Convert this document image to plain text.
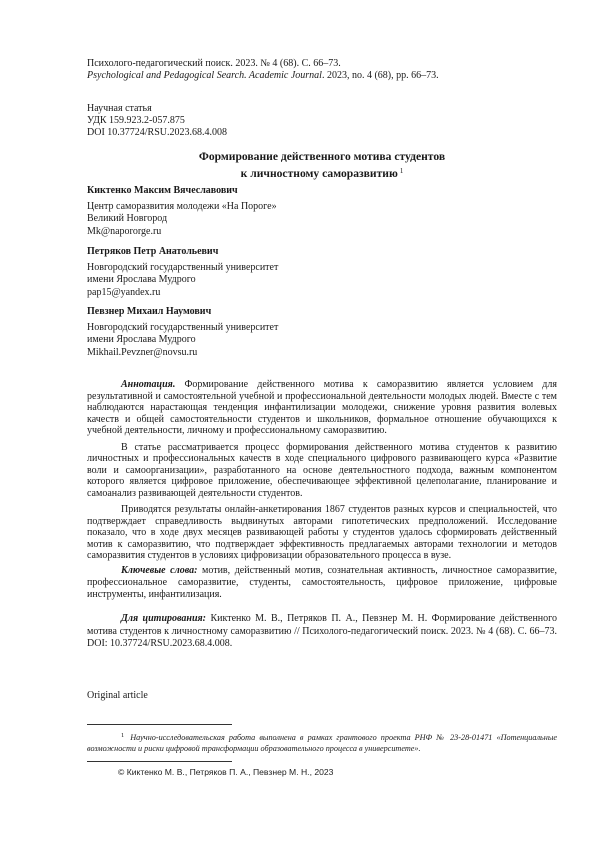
Психолого-педагогический поиск. 2023. № 4 (68). С. 66–73.
Psychological and Pedagogical Search. Academic Journal. 2023, no. 4 (68), pp. 66–73.
Научная статья
УДК 159.923.2-057.875
DOI 10.37724/RSU.2023.68.4.008
Формирование действенного мотива студентов
к личностному саморазвитию $^1$
Киктенко Максим Вячеславович
Центр саморазвития молодежи «На Пороге»
Великий Новгород
Mk@napororge.ru
Петряков Петр Анатольевич
Новгородский государственный университет
имени Ярослава Мудрого
pap15@yandex.ru
Певзнер Михаил Наумович
Новгородский государственный университет
имени Ярослава Мудрого
Mikhail.Pevzner@novsu.ru

Аннотация. Формирование действенного мотива к саморазвитию является условием для результативной и самостоятельной учебной и профессиональной деятельности молодых людей. Вместе с тем наблюдаются нарастающая тенденция инфантилизации молодежи, снижение уровня развития волевых качеств и общей самостоятельности студентов и школьников, формальное отношение обучающихся к учебной деятельности, личному и профессиональному саморазвитию.

В статье рассматривается процесс формирования действенного мотива студентов к развитию личностных и профессиональных качеств в ходе специального цифрового развивающего курса «Развитие воли и самоорганизации», разработанного на основе деятельностного подхода, важным компонентом которого является цифровое приложение, обеспечивающее эффективной целеполагание, планирование и самоанализ развивающей деятельности студентов.

Приводятся результаты онлайн-анкетирования 1867 студентов разных курсов и специальностей, что подтверждает справедливость выдвинутых авторами гипотетических предположений. Исследование показало, что в ходе двух месяцев развивающей работы у студентов удалось сформировать действенный мотив к саморазвитию, что подтверждает эффективность предлагаемых авторами технологии и методов саморазвития студентов в условиях цифровизации образовательного процесса в вузе.

Ключевые слова: мотив, действенный мотив, сознательная активность, личностное саморазвитие, профессиональное саморазвитие, студенты, самостоятельность, цифровое приложение, цифровые инструменты, инфантилизация.
Для цитирования: Киктенко М. В., Петряков П. А., Певзнер М. Н. Формирование действенного мотива студентов к личностному саморазвитию // Психолого-педагогический поиск. 2023. № 4 (68). С. 66–73. DOI: 10.37724/RSU.2023.68.4.008.
Original article
$^1$ Научно-исследовательская работа выполнена в рамках грантового проекта РНФ № 23-28-01471 «Потенциальные возможности и риски цифровой трансформации образовательного процесса в университете».
© Киктенко М. В., Петряков П. А., Певзнер М. Н., 2023
